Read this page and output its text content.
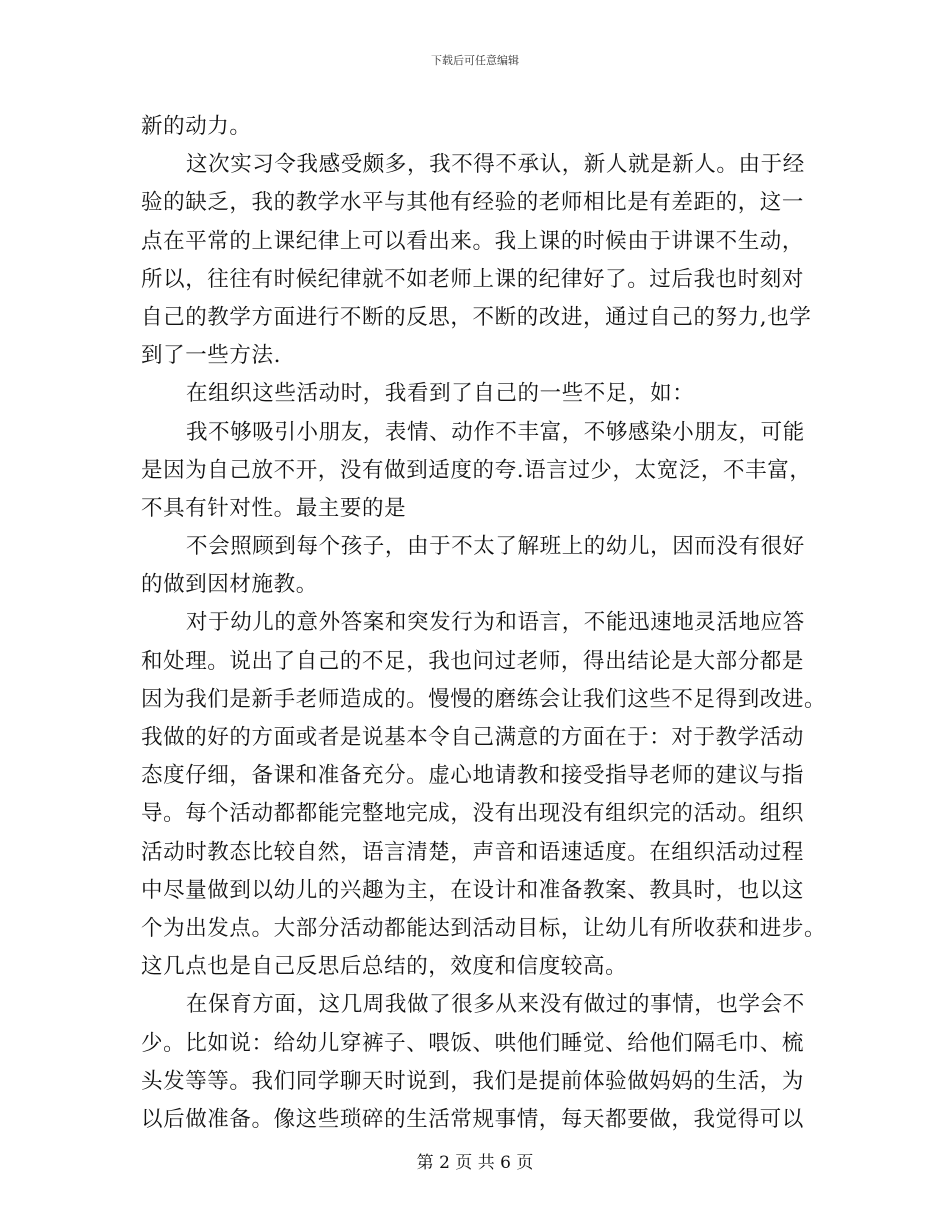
下载后可任意编辑
新的动力。
这次实习令我感受颇多，我不得不承认，新人就是新人。由于经
验的缺乏，我的教学水平与其他有经验的老师相比是有差距的，这一
点在平常的上课纪律上可以看出来。我上课的时候由于讲课不生动，
所以，往往有时候纪律就不如老师上课的纪律好了。过后我也时刻对
自己的教学方面进行不断的反思，不断的改进，通过自己的努力,也学
到了一些方法.
在组织这些活动时，我看到了自己的一些不足，如：
我不够吸引小朋友，表情、动作不丰富，不够感染小朋友，可能
是因为自己放不开，没有做到适度的夸.语言过少，太宽泛，不丰富，
不具有针对性。最主要的是
不会照顾到每个孩子，由于不太了解班上的幼儿，因而没有很好
的做到因材施教。
对于幼儿的意外答案和突发行为和语言，不能迅速地灵活地应答
和处理。说出了自己的不足，我也问过老师，得出结论是大部分都是
因为我们是新手老师造成的。慢慢的磨练会让我们这些不足得到改进。
我做的好的方面或者是说基本令自己满意的方面在于：对于教学活动
态度仔细，备课和准备充分。虚心地请教和接受指导老师的建议与指
导。每个活动都都能完整地完成，没有出现没有组织完的活动。组织
活动时教态比较自然，语言清楚，声音和语速适度。在组织活动过程
中尽量做到以幼儿的兴趣为主，在设计和准备教案、教具时，也以这
个为出发点。大部分活动都能达到活动目标，让幼儿有所收获和进步。
这几点也是自己反思后总结的，效度和信度较高。
在保育方面，这几周我做了很多从来没有做过的事情，也学会不
少。比如说：给幼儿穿裤子、喂饭、哄他们睡觉、给他们隔毛巾、梳
头发等等。我们同学聊天时说到，我们是提前体验做妈妈的生活，为
以后做准备。像这些琐碎的生活常规事情，每天都要做，我觉得可以
第 2 页 共 6 页
